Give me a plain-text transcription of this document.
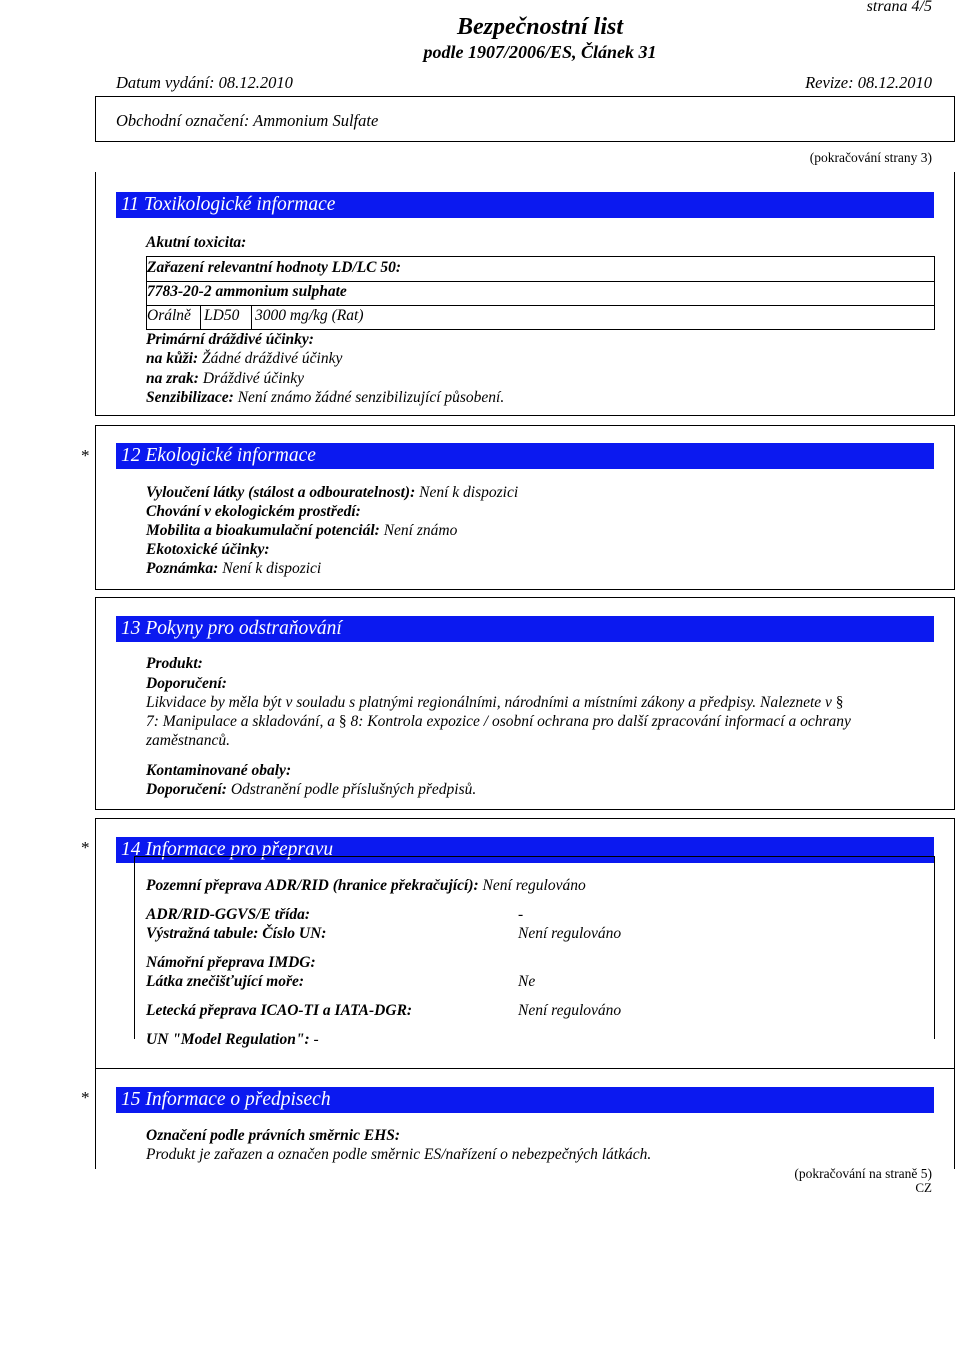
strana 4/5
Bezpečnostní list
podle 1907/2006/ES, Článek 31
Datum vydání: 08.12.2010	Revize: 08.12.2010
Obchodní označení: Ammonium Sulfate
(pokračování strany 3)
11 Toxikologické informace
Akutní toxicita:
Zařazení relevantní hodnoty LD/LC 50:
7783-20-2 ammonium sulphate
Orálně LD50 3000 mg/kg (Rat)
Primární dráždivé účinky:
na kůži: Žádné dráždivé účinky
na zrak: Dráždivé účinky
Senzibilizace: Není známo žádné senzibilizující působení.
* 12 Ekologické informace
Vyloučení látky (stálost a odbouratelnost): Není k dispozici
Chování v ekologickém prostředí:
Mobilita a bioakumulační potenciál: Není známo
Ekotoxické účinky:
Poznámka: Není k dispozici
13 Pokyny pro odstraňování
Produkt:
Doporučení:
Likvidace by měla být v souladu s platnými regionálními, národními a místními zákony a předpisy. Naleznete v §
7: Manipulace a skladování, a § 8: Kontrola expozice / osobní ochrana pro další zpracování informací a ochrany
zaměstnanců.
Kontaminované obaly:
Doporučení: Odstranění podle příslušných předpisů.
* 14 Informace pro přepravu
Pozemní přeprava ADR/RID (hranice překračující): Není regulováno
ADR/RID-GGVS/E třída:	-
Výstražná tabule: Číslo UN:	Není regulováno
Námořní přeprava IMDG:
Látka znečišťující moře:	Ne
Letecká přeprava ICAO-TI a IATA-DGR:	Není regulováno
UN "Model Regulation": -
* 15 Informace o předpisech
Označení podle právních směrnic EHS:
Produkt je zařazen a označen podle směrnic ES/nařízení o nebezpečných látkách.
(pokračování na straně 5)
CZ
